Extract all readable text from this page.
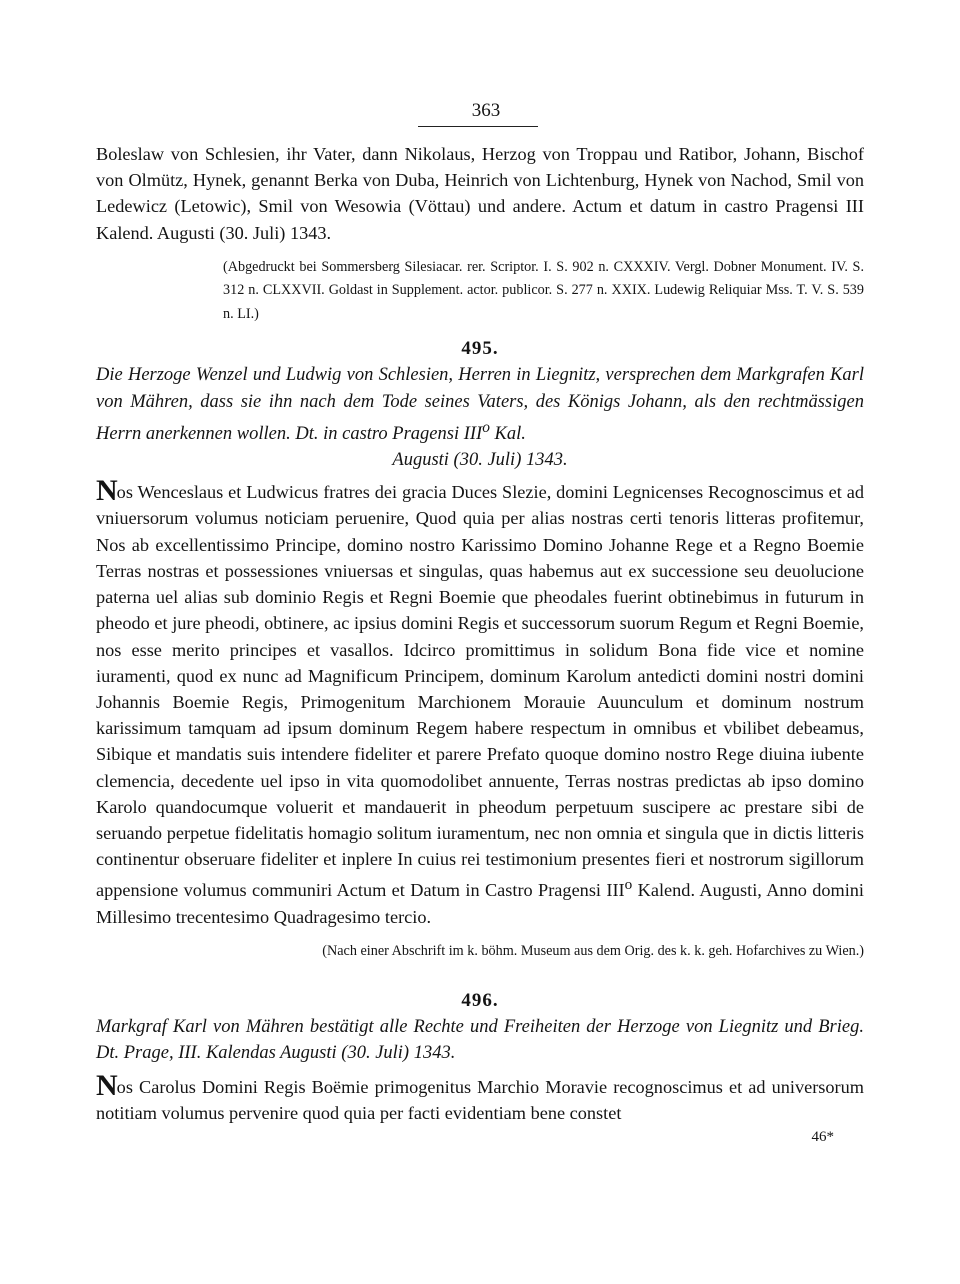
363

Boleslaw von Schlesien, ihr Vater, dann Nikolaus, Herzog von Troppau und Ratibor, Johann, Bischof von Olmütz, Hynek, genannt Berka von Duba, Heinrich von Lichtenburg, Hynek von Nachod, Smil von Ledewicz (Letowic), Smil von Wesowia (Vöttau) und andere. Actum et datum in castro Pragensi III Kalend. Augusti (30. Juli) 1343.

(Abgedruckt bei Sommersberg Silesiacar. rer. Scriptor. I. S. 902 n. CXXXIV. Vergl. Dobner Monument. IV. S. 312 n. CLXXVII. Goldast in Supplement. actor. publicor. S. 277 n. XXIX. Ludewig Reliquiar Mss. T. V. S. 539 n. LI.)

495.

Die Herzoge Wenzel und Ludwig von Schlesien, Herren in Liegnitz, versprechen dem Markgrafen Karl von Mähren, dass sie ihn nach dem Tode seines Vaters, des Königs Johann, als den rechtmässigen Herrn anerkennen wollen. Dt. in castro Pragensi III$^o$ Kal.
Augusti (30. Juli) 1343.

Nos Wenceslaus et Ludwicus fratres dei gracia Duces Slezie, domini Legnicenses Recognoscimus et ad vniuersorum volumus noticiam peruenire, Quod quia per alias nostras certi tenoris litteras profitemur, Nos ab excellentissimo Principe, domino nostro Karissimo Domino Johanne Rege et a Regno Boemie Terras nostras et possessiones vniuersas et singulas, quas habemus aut ex successione seu deuolucione paterna uel alias sub dominio Regis et Regni Boemie que pheodales fuerint obtinebimus in futurum in pheodo et jure pheodi, obtinere, ac ipsius domini Regis et successorum suorum Regum et Regni Boemie, nos esse merito principes et vasallos. Idcirco promittimus in solidum Bona fide vice et nomine iuramenti, quod ex nunc ad Magnificum Principem, dominum Karolum antedicti domini nostri domini Johannis Boemie Regis, Primogenitum Marchionem Morauie Auunculum et dominum nostrum karissimum tamquam ad ipsum dominum Regem habere respectum in omnibus et vbilibet debeamus, Sibique et mandatis suis intendere fideliter et parere Prefato quoque domino nostro Rege diuina iubente clemencia, decedente uel ipso in vita quomodolibet annuente, Terras nostras predictas ab ipso domino Karolo quandocumque voluerit et mandauerit in pheodum perpetuum suscipere ac prestare sibi de seruando perpetue fidelitatis homagio solitum iuramentum, nec non omnia et singula que in dictis litteris continentur obseruare fideliter et inplere In cuius rei testimonium presentes fieri et nostrorum sigillorum appensione volumus communiri Actum et Datum in Castro Pragensi III$^o$ Kalend. Augusti, Anno domini Millesimo trecentesimo Quadragesimo tercio.

(Nach einer Abschrift im k. böhm. Museum aus dem Orig. des k. k. geh. Hofarchives zu Wien.)

496.

Markgraf Karl von Mähren bestätigt alle Rechte und Freiheiten der Herzoge von Liegnitz und Brieg. Dt. Prage, III. Kalendas Augusti (30. Juli) 1343.

Nos Carolus Domini Regis Boëmie primogenitus Marchio Moravie recognoscimus et ad universorum notitiam volumus pervenire quod quia per facti evidentiam bene constet

46*
